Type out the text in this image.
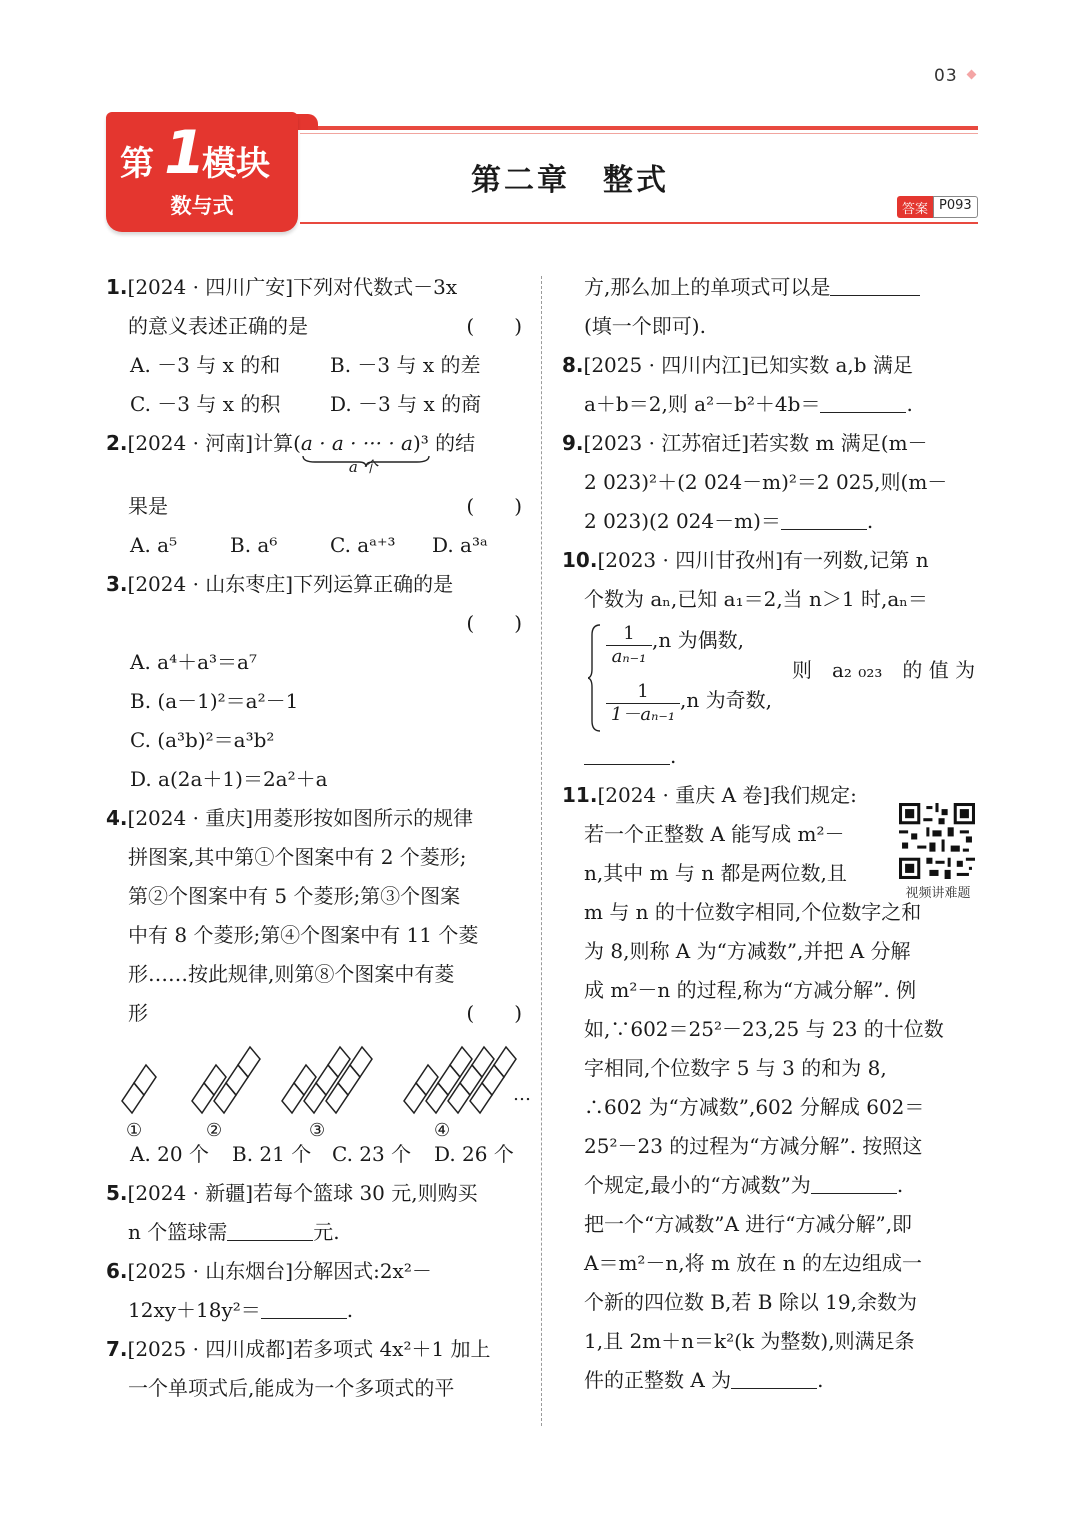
03
第 1
模块
数与式
第二章　整式
答案 P093

1.[2024 · 四川广安]下列对代数式－3x

的意义表述正确的是	(　　)

A. －3 与 x 的和 B. －3 与 x 的差

C. －3 与 x 的积 D. －3 与 x 的商

2.[2024 · 河南]计算(a · a · ··· · a
a 个
)³ 的结

果是	(　　)

A. a⁵	B. a⁶	C. aᵃ⁺³ D. a³ᵃ

3.[2024 · 山东枣庄]下列运算正确的是

(　　)

A. a⁴＋a³＝a⁷

B. (a－1)²＝a²－1

C. (a³b)²＝a³b²

D. a(2a＋1)＝2a²＋a

4.[2024 · 重庆]用菱形按如图所示的规律

拼图案,其中第①个图案中有 2 个菱形;

第②个图案中有 5 个菱形;第③个图案

中有 8 个菱形;第④个图案中有 11 个菱

形……按此规律,则第⑧个图案中有菱

形	(　　)

…
①	②	③	④

A. 20 个 B. 21 个 C. 23 个 D. 26 个

5.[2024 · 新疆]若每个篮球 30 元,则购买

n 个篮球需	元.

6.[2025 · 山东烟台]分解因式:2x²－

12xy＋18y²＝	.

7.[2025 · 四川成都]若多项式 4x²＋1 加上

一个单项式后,能成为一个多项式的平

方,那么加上的单项式可以是

(填一个即可).

8.[2025 · 四川内江]已知实数 a,b 满足

a＋b＝2,则 a²－b²＋4b＝	.

9.[2023 · 江苏宿迁]若实数 m 满足(m－

2 023)²＋(2 024－m)²＝2 025,则(m－

2 023)(2 024－m)＝	.

10.[2023 · 四川甘孜州]有一列数,记第 n

个数为 aₙ,已知 a₁＝2,当 n＞1 时,aₙ＝

$\frac{1}{\text{aₙ₋₁}} ,n$ 为偶数,
$\frac{1}{\text{1－aₙ₋₁}} ,n$ 为奇数,
则　a₂ ₀₂₃　的 值 为

.

11.[2024 · 重庆 A 卷]我们规定:

若一个正整数 A 能写成 m²－

n,其中 m 与 n 都是两位数,且

m 与 n 的十位数字相同,个位数字之和

为 8,则称 A 为“方减数”,并把 A 分解

成 m²－n 的过程,称为“方减分解”. 例

如,∵602＝25²－23,25 与 23 的十位数

字相同,个位数字 5 与 3 的和为 8,

∴602 为“方减数”,602 分解成 602＝

25²－23 的过程为“方减分解”. 按照这

个规定,最小的“方减数”为	.

把一个“方减数”A 进行“方减分解”,即

A＝m²－n,将 m 放在 n 的左边组成一

个新的四位数 B,若 B 除以 19,余数为

1,且 2m＋n＝k²(k 为整数),则满足条

件的正整数 A 为	.

视频讲难题
